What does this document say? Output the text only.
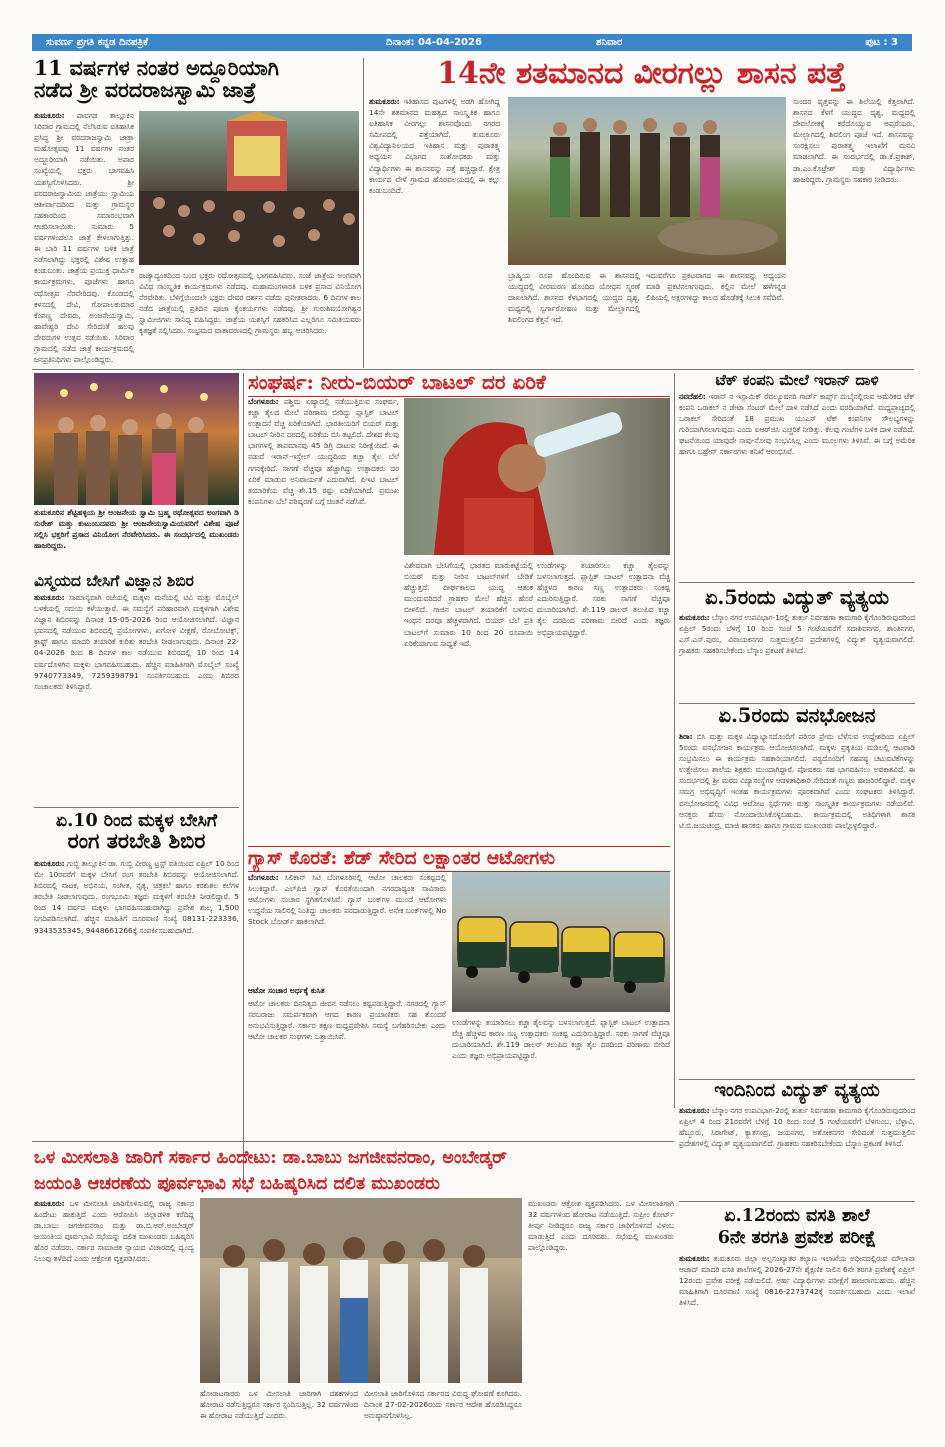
ಸುವರ್ಣ ಪ್ರಗತಿ ಕನ್ನಡ ದಿನಪತ್ರಿಕೆ	ದಿನಾಂಕ: 04-04-2026	ಶನಿವಾರ	ಪುಟ : 3
11 ವರ್ಷಗಳ ನಂತರ ಅದ್ದೂರಿಯಾಗಿ
ನಡೆದ ಶ್ರೀ ವರದರಾಜಸ್ವಾಮಿ ಜಾತ್ರೆ
ತುಮಕೂರು: ಪಾವಗಡ ತಾಲ್ಲೂಕಿನ ಸಿರಿವಾರ ಗ್ರಾಮದಲ್ಲಿ ನೆಲೆಸಿರುವ ಐತಿಹಾಸಿಕ ಪ್ರಸಿದ್ಧ ಶ್ರೀ ವರದರಾಜಸ್ವಾಮಿ ಜಾತ್ರಾ ಮಹೋತ್ಸವವು 11 ವರ್ಷಗಳ ನಂತರ ಅದ್ದೂರಿಯಾಗಿ ನಡೆಯಿತು. ಅಪಾರ ಸಂಖ್ಯೆಯಲ್ಲಿ ಭಕ್ತರು ಭಾಗವಹಿಸಿ ಯಶಸ್ವಿಗೊಳಿಸಿದರು. ಶ್ರೀ ವರದರಾಜಸ್ವಾಮಿಯ ಜಾತ್ರೆಯು ಸ್ವಾಮಿಯ ಆಶೀರ್ವಾದದಿಂದ ಮತ್ತು ಗ್ರಾಮಸ್ಥರ ಸಹಕಾರದಿಂದ ಸಮಾರಂಭವಾಗಿ ಆಚರಿಸಲಾಯಿತು. ಸುಮಾರು 5 ವರ್ಷಗಳಿಂದಲೂ ಜಾತ್ರೆ ಕೇಳಲಾಗುತ್ತಿತ್ತು. ಈ ಬಾರಿ 11 ವರ್ಷಗಳ ಬಳಿಕ ಜಾತ್ರೆ ನಡೆಸಲಾಗಿದ್ದು ಭಕ್ತರಲ್ಲಿ ವಿಶೇಷ ಉತ್ಸಾಹ ಕಂಡುಬಂತು. ಜಾತ್ರೆಯ ಪ್ರಯುಕ್ತ ಧಾರ್ಮಿಕ ಕಾರ್ಯಕ್ರಮಗಳು, ಪೂಜೆಗಳು ಹಾಗೂ ರಥೋತ್ಸವ ನೆರವೇರಿದವು. ಕೊಂಡದಲ್ಲಿ ಕಳಸದಲ್ಲಿ ದೇವಿ, ಗೋಪಾಲಕುಮಾರ ಕೆಂಪಣ್ಣ ದೇವರು, ಅಂಜನೇಯಸ್ವಾಮಿ, ಹಾವೇಶ್ವರಿ ದೇವಿ ಸೇರಿದಂತೆ ಹಲವು ದೇವರುಗಳ ಉತ್ಸವ ನಡೆಯಿತು. ಸಿರಿವಾರ ಗ್ರಾಮದಲ್ಲಿ ನಡೆದ ಜಾತ್ರೆ ಕಾರ್ಯಕ್ರಮದಲ್ಲಿ ಜನಪ್ರತಿನಿಧಿಗಳು ಪಾಲ್ಗೊಂಡಿದ್ದರು.
ರಾಜ್ಯಾದ್ಯಂತದಿಂದ ಬಂದ ಭಕ್ತರು ರಥೋತ್ಸವದಲ್ಲಿ ಭಾಗವಹಿಸಿದರು. ಸಂಜೆ ಜಾತ್ರೆಯ ಅಂಗವಾಗಿ ವಿವಿಧ ಸಾಂಸ್ಕೃತಿಕ ಕಾರ್ಯಕ್ರಮಗಳು ನಡೆದವು. ಮಹಾಮಂಗಳಾರತಿ ಬಳಿಕ ಪ್ರಸಾದ ವಿನಿಯೋಗ ನೆರವೇರಿತು. ಬೆಳಿಗ್ಗೆಯಿಂದಲೇ ಭಕ್ತರು ದೇವರ ದರ್ಶನ ಪಡೆದು ಪುನೀತರಾದರು. 6 ದಿನಗಳ ಕಾಲ ನಡೆದ ಜಾತ್ರೆಯಲ್ಲಿ ಪ್ರತಿದಿನ ಪೂಜಾ ಕೈಂಕರ್ಯಗಳು ನಡೆದವು. ಶ್ರೀ ಗುರುಶಿವಯೋಗಿಶ್ವರ ಸ್ವಾಮೀಜಿಗಳು ಸಾನಿಧ್ಯ ವಹಿಸಿದ್ದರು. ಜಾತ್ರೆಯ ಯಶಸ್ಸಿಗೆ ಸಹಕರಿಸಿದ ಎಲ್ಲರಿಗೂ ಸಮಿತಿಯವರು ಕೃತಜ್ಞತೆ ಸಲ್ಲಿಸಿದರು. ಸಂಭ್ರಮದ ವಾತಾವರಣದಲ್ಲಿ ಗ್ರಾಮಸ್ಥರು ಹಬ್ಬ ಆಚರಿಸಿದರು.
14ನೇ ಶತಮಾನದ ವೀರಗಲ್ಲು ಶಾಸನ ಪತ್ತೆ
ತುಮಕೂರು: ಇತಿಹಾಸದ ಪುಟಗಳಲ್ಲಿ ಅಡಗಿ ಹೋಗಿದ್ದ 14ನೇ ಶತಮಾನದ ಮಹತ್ವದ ಸಾಂಸ್ಕೃತಿಕ ಹಾಗೂ ಐತಿಹಾಸಿಕ ವೀರಗಲ್ಲು ಶಾಸನವೊಂದು ನಗರದ ಸಮೀಪದಲ್ಲಿ ಪತ್ತೆಯಾಗಿದೆ. ತುಮಕೂರು ವಿಶ್ವವಿದ್ಯಾನಿಲಯದ ಇತಿಹಾಸ ಮತ್ತು ಪುರಾತತ್ತ್ವ ಅಧ್ಯಯನ ವಿಭಾಗದ ಸಂಶೋಧಕರು ಮತ್ತು ವಿದ್ಯಾರ್ಥಿಗಳು ಈ ಶಾಸನವನ್ನು ಪತ್ತೆ ಹಚ್ಚಿದ್ದಾರೆ. ಕ್ಷೇತ್ರ ಕಾರ್ಯದ ವೇಳೆ ಗ್ರಾಮದ ಹೊರವಲಯದಲ್ಲಿ ಈ ಕಲ್ಲು ಕಂಡುಬಂದಿದೆ.
ಬ್ರಾಹ್ಮಿಯ ರೂಪ ಹೊಂದಿರುವ ಈ ಶಾಸನದಲ್ಲಿ ಯುದ್ಧದಲ್ಲಿ ವೀರಮರಣ ಹೊಂದಿದ ಯೋಧನ ಸ್ಮರಣೆ ದಾಖಲಾಗಿದೆ. ಶಾಸನದ ಕೆಳಭಾಗದಲ್ಲಿ ಯುದ್ಧದ ದೃಶ್ಯ, ಮಧ್ಯದಲ್ಲಿ ಸ್ವರ್ಗಾರೋಹಣ ಮತ್ತು ಮೇಲ್ಭಾಗದಲ್ಲಿ ಶಿವಲಿಂಗದ ಕೆತ್ತನೆ ಇದೆ.
ಇದುವರೆಗೂ ಪ್ರಕಟವಾಗದ ಈ ಶಾಸನವನ್ನು ಅಧ್ಯಯನ ಮಾಡಿ ಪ್ರಕಟಿಸಲಾಗುವುದು. ಕಲ್ಲಿನ ಮೇಲೆ ಹಳೆಗನ್ನಡ ಲಿಪಿಯಲ್ಲಿ ಅಕ್ಷರಗಳಿದ್ದು ಕಾಲದ ಹೊಡೆತಕ್ಕೆ ಸಿಲುಕಿ ಸವೆದಿವೆ.
ಸುಂದರ ವೃತ್ತವನ್ನು ಈ ಶಿಲೆಯಲ್ಲಿ ಕೆತ್ತಲಾಗಿದೆ. ಶಾಸನದ ಕೆಳಗೆ ಯುದ್ಧದ ದೃಶ್ಯ, ಮಧ್ಯದಲ್ಲಿ ದೇವಲೋಕಕ್ಕೆ ಕರೆದೊಯ್ಯುವ ಅಪ್ಸರೆಯರು, ಮೇಲ್ಭಾಗದಲ್ಲಿ ಶಿವಲಿಂಗ ಪೂಜೆ ಇದೆ. ಶಾಸನವನ್ನು ಸಂರಕ್ಷಿಸಲು ಪುರಾತತ್ತ್ವ ಇಲಾಖೆಗೆ ಮನವಿ ಮಾಡಲಾಗಿದೆ. ಈ ಸಂದರ್ಭದಲ್ಲಿ ಡಾ.ಕೆ.ಪ್ರಕಾಶ್, ಡಾ.ಎಂ.ಕೊಟ್ರೇಶ್ ಮತ್ತು ವಿದ್ಯಾರ್ಥಿಗಳು ಹಾಜರಿದ್ದರು. ಗ್ರಾಮಸ್ಥರು ಸಹಕಾರ ನೀಡಿದರು.
ತುಮಕೂರಿನ ಶೆಟ್ಟಿಹಳ್ಳಿಯ ಶ್ರೀ ಆಂಜನೇಯ ಸ್ವಾಮಿ ಬ್ರಹ್ಮ ರಥೋತ್ಸವದ ಅಂಗವಾಗಿ ಡಿ ಸುರೇಶ್ ಮತ್ತು ಕುಟುಂಬದವರು ಶ್ರೀ ಆಂಜನೇಯಸ್ವಾಮಿಯವರಿಗೆ ವಿಶೇಷ ಪೂಜೆ ಸಲ್ಲಿಸಿ ಭಕ್ತರಿಗೆ ಪ್ರಸಾದ ವಿನಿಯೋಗ ನೆರವೇರಿಸಿದರು. ಈ ಸಂದರ್ಭದಲ್ಲಿ ಮುಖಂಡರು ಹಾಜರಿದ್ದರು.
ವಿಸ್ಮಯದ ಬೇಸಿಗೆ ವಿಜ್ಞಾನ ಶಿಬಿರ
ತುಮಕೂರು: ಸಾಮಾನ್ಯವಾಗಿ ರಜೆಯಲ್ಲಿ ಮಕ್ಕಳು ಮನೆಯಲ್ಲಿ ಟಿವಿ ಮತ್ತು ಮೊಬೈಲ್ ಬಳಕೆಯಲ್ಲಿ ಸಮಯ ಕಳೆಯುತ್ತಾರೆ. ಈ ಸಮಸ್ಯೆಗೆ ಪರಿಹಾರವಾಗಿ ಮಕ್ಕಳಿಗಾಗಿ ವಿಶೇಷ ವಿಜ್ಞಾನ ಶಿಬಿರವನ್ನು ದಿನಾಂಕ 15-05-2026 ರಿಂದ ಆಯೋಜಿಸಲಾಗಿದೆ. ವಿಜ್ಞಾನ ಭವನದಲ್ಲಿ ನಡೆಯುವ ಶಿಬಿರದಲ್ಲಿ ಪ್ರಯೋಗಗಳು, ಖಗೋಳ ವೀಕ್ಷಣೆ, ರೋಬೋಟಿಕ್ಸ್, ಕ್ರಾಫ್ಟ್ ಹಾಗೂ ಮಾದರಿ ತಯಾರಿಕೆ ಕುರಿತು ತರಬೇತಿ ನೀಡಲಾಗುವುದು. ದಿನಾಂಕ 22-04-2026 ರಿಂದ 8 ದಿನಗಳ ಕಾಲ ನಡೆಯುವ ಶಿಬಿರದಲ್ಲಿ 10 ರಿಂದ 14 ವರ್ಷದೊಳಗಿನ ಮಕ್ಕಳು ಭಾಗವಹಿಸಬಹುದು. ಹೆಚ್ಚಿನ ಮಾಹಿತಿಗಾಗಿ ಮೊಬೈಲ್ ಸಂಖ್ಯೆ 9740773349, 7259398791 ಸಂಪರ್ಕಿಸಬಹುದು ಎಂದು ಶಿಬಿರದ ಸಂಚಾಲಕರು ತಿಳಿಸಿದ್ದಾರೆ.
ಏ.10 ರಿಂದ ಮಕ್ಕಳ ಬೇಸಿಗೆ
ರಂಗ ತರಬೇತಿ ಶಿಬಿರ
ತುಮಕೂರು: ಗುಬ್ಬಿ ತಾಲ್ಲೂಕಿನ ಡಾ. ಗುಬ್ಬಿ ವೀರಣ್ಣ ಟ್ರಸ್ಟ್ ವತಿಯಿಂದ ಏಪ್ರಿಲ್ 10 ರಿಂದ ಮೇ 10ರವರೆಗೆ ಮಕ್ಕಳ ಬೇಸಿಗೆ ರಂಗ ತರಬೇತಿ ಶಿಬಿರವನ್ನು ಆಯೋಜಿಸಲಾಗಿದೆ. ಶಿಬಿರದಲ್ಲಿ ನಾಟಕ, ಅಭಿನಯ, ಸಂಗೀತ, ನೃತ್ಯ, ಚಿತ್ರಕಲೆ ಹಾಗೂ ಕರಕುಶಲ ಕಲೆಗಳ ತರಬೇತಿ ನೀಡಲಾಗುವುದು. ರಂಗಭೂಮಿ ತಜ್ಞರು ಮಕ್ಕಳಿಗೆ ತರಬೇತಿ ನೀಡಲಿದ್ದಾರೆ. 5 ರಿಂದ 14 ವರ್ಷದ ಮಕ್ಕಳು ಭಾಗವಹಿಸಬಹುದಾಗಿದ್ದು ಪ್ರವೇಶ ಶುಲ್ಕ 1,500 ನಿಗದಿಪಡಿಸಲಾಗಿದೆ. ಹೆಚ್ಚಿನ ಮಾಹಿತಿಗೆ ದೂರವಾಣಿ ಸಂಖ್ಯೆ 08131-223336, 9343535345, 9448661266ಕ್ಕೆ ಸಂಪರ್ಕಿಸಬಹುದಾಗಿದೆ.
ಸಂಘರ್ಷ: ನೀರು-ಬಿಯರ್ ಬಾಟಲ್ ದರ ಏರಿಕೆ
ಬೆಂಗಳೂರು: ಪಶ್ಚಿಮ ಏಷ್ಯಾದಲ್ಲಿ ನಡೆಯುತ್ತಿರುವ ಸಂಘರ್ಷ, ಕಚ್ಚಾ ತೈಲದ ಮೇಲೆ ಪರಿಣಾಮ ಬೀರಿದ್ದು ಪ್ಲಾಸ್ಟಿಕ್ ಬಾಟಲ್ ಉತ್ಪಾದನೆ ವೆಚ್ಚ ಏರಿಕೆಯಾಗಿದೆ. ಭಾರತೀಯರಿಗೆ ಬಿಯರ್ ಮತ್ತು ಬಾಟಲ್ ನೀರಿನ ದರದಲ್ಲಿ ಏರಿಕೆಯ ಬಿಸಿ ತಟ್ಟಲಿದೆ. ದೇಶದ ಕೆಲವು ಭಾಗಗಳಲ್ಲಿ ತಾಪಮಾನವು 45 ಡಿಗ್ರಿ ದಾಟುವ ನಿರೀಕ್ಷೆಯಿದೆ. ಈ ನಡುವೆ ಇರಾನ್-ಇಸ್ರೇಲ್ ಯುದ್ಧದಿಂದ ಕಚ್ಚಾ ತೈಲ ಬೆಲೆ ಗಗನಕ್ಕೇರಿದೆ. ಸಾಗಣೆ ವೆಚ್ಚವೂ ಹೆಚ್ಚಾಗಿದ್ದು ಉತ್ಪಾದಕರು ದರ ಏರಿಕೆ ಮಾಡುವ ಅನಿವಾರ್ಯತೆ ಎದುರಾಗಿದೆ. ಪಿಇಟಿ ಬಾಟಲ್ ತಯಾರಿಕೆಯ ವೆಚ್ಚ ಶೇ.15 ರಷ್ಟು ಏರಿಕೆಯಾಗಿದೆ. ಪ್ರಮುಖ ಕಂಪನಿಗಳು ಬೆಲೆ ಪರಿಷ್ಕರಣೆ ಬಗ್ಗೆ ಚಿಂತನೆ ನಡೆಸಿವೆ.
ವಿಶೇಷವಾಗಿ ಬೇಸಿಗೆಯಲ್ಲಿ ಭಾರತದ ಮಾರುಕಟ್ಟೆಯಲ್ಲಿ ಬಿಯರ್ ಮತ್ತು ನೀರಿನ ಬಾಟಲ್‌ಗಳಿಗೆ ಬೇಡಿಕೆ ಹೆಚ್ಚುತ್ತದೆ. ದೀರ್ಘಕಾಲದ ಯುದ್ಧ ಆತಂಕ ಮುಂದುವರಿದರೆ ಗ್ರಾಹಕರ ಮೇಲೆ ಹೆಚ್ಚಿನ ಹೊರೆ ಬೀಳಲಿದೆ. ಗಾಜಿನ ಬಾಟಲ್ ತಯಾರಿಕೆಗೆ ಬಳಸುವ ಇಂಧನ ದರವೂ ಹೆಚ್ಚಳವಾಗಿದೆ. ಬಿಯರ್ ಬೆಲೆ ಪ್ರತಿ ಬಾಟಲ್‌ಗೆ ಸುಮಾರು 10 ರಿಂದ 20 ರೂಪಾಯಿ ಏರಿಕೆಯಾಗುವ ಸಾಧ್ಯತೆ ಇದೆ.
ಉಂಡೆಗಳನ್ನು ತಯಾರಿಸಲು ಕಚ್ಚಾ ತೈಲವನ್ನು ಬಳಸಲಾಗುತ್ತದೆ. ಪ್ಲಾಸ್ಟಿಕ್ ಬಾಟಲ್ ಉತ್ಪಾದನಾ ವೆಚ್ಚ ಹೆಚ್ಚಳದ ಕಾರಣ ಸಣ್ಣ ಉತ್ಪಾದಕರು ಸಂಕಷ್ಟ ಎದುರಿಸುತ್ತಿದ್ದಾರೆ. ಸರಕು ಸಾಗಣೆ ವೆಚ್ಚವೂ ದುಬಾರಿಯಾಗಿದೆ. ಶೇ.119 ಡಾಲರ್ ತಲುಪಿದ ಕಚ್ಚಾ ತೈಲ ದರದಿಂದ ಪರಿಣಾಮ ಬೀರಿದೆ ಎಂದು ತಜ್ಞರು ಅಭಿಪ್ರಾಯಪಟ್ಟಿದ್ದಾರೆ.
ಗ್ಯಾಸ್ ಕೊರತೆ: ಶೆಡ್ ಸೇರಿದ ಲಕ್ಷಾಂತರ ಆಟೋಗಳು
ಬೆಂಗಳೂರು: ಸಿಲಿಕಾನ್ ಸಿಟಿ ಬೆಂಗಳೂರಿನಲ್ಲಿ ಆಟೋ ಚಾಲಕರು ಸಂಕಷ್ಟದಲ್ಲಿ ಸಿಲುಕಿದ್ದಾರೆ. ಎಲ್‌ಪಿಜಿ ಗ್ಯಾಸ್ ಕೊರತೆಯಿಂದಾಗಿ ನಗರದಾದ್ಯಂತ ಸಾವಿರಾರು ಆಟೋಗಳು ಸಂಚಾರ ಸ್ಥಗಿತಗೊಳಿಸಿವೆ. ಗ್ಯಾಸ್ ಬಂಕ್‌ಗಳ ಮುಂದೆ ಆಟೋಗಳು ಉದ್ದನೆಯ ಸಾಲಿನಲ್ಲಿ ನಿಂತಿದ್ದು ಚಾಲಕರು ಪರದಾಡುತ್ತಿದ್ದಾರೆ. ಅನೇಕ ಬಂಕ್‌ಗಳಲ್ಲಿ No Stock ಬೋರ್ಡ್ ಹಾಕಲಾಗಿದೆ.
ಆಟೋ ಸಂಚಾರ ಅರ್ಧಕ್ಕೆ ಕುಸಿತ
ಆಟೋ ಚಾಲಕರು ದಿನನಿತ್ಯದ ಜೀವನ ನಡೆಸಲು ಕಷ್ಟಪಡುತ್ತಿದ್ದಾರೆ. ನಗರದಲ್ಲಿ ಗ್ಯಾಸ್ ಸರಬರಾಜು ಸಮರ್ಪಕವಾಗಿ ಆಗದ ಕಾರಣ ಪ್ರಯಾಣಿಕರು ಸಹ ತೊಂದರೆ ಅನುಭವಿಸುತ್ತಿದ್ದಾರೆ. ಸರ್ಕಾರ ತಕ್ಷಣ ಮಧ್ಯಪ್ರವೇಶಿಸಿ ಸಮಸ್ಯೆ ಬಗೆಹರಿಸಬೇಕು ಎಂದು ಆಟೋ ಚಾಲಕರ ಸಂಘಗಳು ಒತ್ತಾಯಿಸಿವೆ.
ಉಂಡೆಗಳನ್ನು ತಯಾರಿಸಲು ಕಚ್ಚಾ ತೈಲವನ್ನು ಬಳಸಲಾಗುತ್ತದೆ. ಪ್ಲಾಸ್ಟಿಕ್ ಬಾಟಲ್ ಉತ್ಪಾದನಾ ವೆಚ್ಚ ಹೆಚ್ಚಳದ ಕಾರಣ ಸಣ್ಣ ಉತ್ಪಾದಕರು ಸಂಕಷ್ಟ ಎದುರಿಸುತ್ತಿದ್ದಾರೆ. ಸರಕು ಸಾಗಣೆ ವೆಚ್ಚವೂ ದುಬಾರಿಯಾಗಿದೆ. ಶೇ.119 ಡಾಲರ್ ತಲುಪಿದ ಕಚ್ಚಾ ತೈಲ ದರದಿಂದ ಪರಿಣಾಮ ಬೀರಿದೆ ಎಂದು ತಜ್ಞರು ಅಭಿಪ್ರಾಯಪಟ್ಟಿದ್ದಾರೆ.
ಟೆಕ್ ಕಂಪನಿ ಮೇಲೆ ಇರಾನ್ ದಾಳಿ
ನವದೆಹಲಿ: ಇರಾನ್ ನ ಇಸ್ಲಾಮಿಕ್ ರೆವಲ್ಯೂಷನರಿ ಗಾರ್ಡ್ ಕಾರ್ಪ್ಸ್ ದುಬೈನಲ್ಲಿರುವ ಅಮೆರಿಕದ ಟೆಕ್ ಕಂಪನಿ ಒರಾಕಲ್ ನ ಡೇಟಾ ಸೆಂಟರ್ ಮೇಲೆ ದಾಳಿ ನಡೆಸಿದೆ ಎಂದು ವರದಿಯಾಗಿದೆ. ಮಧ್ಯಪ್ರಾಚ್ಯದಲ್ಲಿ ಒರಾಕಲ್ ಸೇರಿದಂತೆ 18 ಪ್ರಮುಖ ಯುಎಸ್ ಟೆಕ್ ಕಂಪನಿಗಳ ಸೌಲಭ್ಯಗಳನ್ನು ಗುರಿಯಾಗಿಸಲಾಗುವುದು ಎಂದು ಐಆರ್‌ಜಿಸಿ ಎಚ್ಚರಿಕೆ ನೀಡಿತ್ತು. ಕೆಲವು ಗಂಟೆಗಳ ಬಳಿಕ ದಾಳಿ ನಡೆದಿದೆ. ಘಟನೆಯಿಂದ ಯಾವುದೇ ಸಾವು-ನೋವು ಸಂಭವಿಸಿಲ್ಲ ಎಂದು ಮೂಲಗಳು ತಿಳಿಸಿವೆ. ಈ ಬಗ್ಗೆ ಅಮೆರಿಕ ಹಾಗೂ ಬಹ್ರೇನ್ ಸರ್ಕಾರಗಳು ತನಿಖೆ ಆರಂಭಿಸಿವೆ.
ಏ.5ರಂದು ವಿದ್ಯುತ್ ವ್ಯತ್ಯಯ
ತುಮಕೂರು: ಬೆಸ್ಕಾಂ ನಗರ ಉಪವಿಭಾಗ-1ರಲ್ಲಿ ತುರ್ತು ನಿರ್ವಹಣಾ ಕಾಮಗಾರಿ ಕೈಗೊಂಡಿರುವುದರಿಂದ ಏಪ್ರಿಲ್ 5ರಂದು ಬೆಳಿಗ್ಗೆ 10 ರಿಂದ ಸಂಜೆ 5 ಗಂಟೆಯವರೆಗೆ ಸದಾಶಿವನಗರ, ಶಾಂತಿನಗರ, ಎಸ್.ಎಸ್.ಪುರಂ, ವಿನಾಯಕನಗರ ಸುತ್ತಮುತ್ತಲಿನ ಪ್ರದೇಶಗಳಲ್ಲಿ ವಿದ್ಯುತ್ ವ್ಯತ್ಯಯವಾಗಲಿದೆ. ಗ್ರಾಹಕರು ಸಹಕರಿಸಬೇಕೆಂದು ಬೆಸ್ಕಾಂ ಪ್ರಕಟಣೆ ತಿಳಿಸಿದೆ.
ಏ.5ರಂದು ವನಭೋಜನ
ಶಿರಾ: ಬಿಸಿ ಮತ್ತು ಮಕ್ಕಳ ವಿದ್ಯಾಭ್ಯಾಸದೊಂದಿಗೆ ಪರಿಸರ ಪ್ರೇಮ ಬೆಳೆಸುವ ಉದ್ದೇಶದಿಂದ ಏಪ್ರಿಲ್ 5ರಂದು ವನಭೋಜನ ಕಾರ್ಯಕ್ರಮ ಆಯೋಜಿಸಲಾಗಿದೆ. ಮಕ್ಕಳು ಪ್ರಕೃತಿಯ ಮಡಿಲಲ್ಲಿ ಆಟವಾಡಿ ಸಂಭ್ರಮಿಸಲು ಈ ಕಾರ್ಯಕ್ರಮ ಸಹಕಾರಿಯಾಗಲಿದೆ. ಪಠ್ಯದೊಂದಿಗೆ ಸಹಪಠ್ಯ ಚಟುವಟಿಕೆಗಳನ್ನು ಉತ್ತೇಜಿಸಲು ಶಾಲೆಯ ಶಿಕ್ಷಕರು ಮುಂದಾಗಿದ್ದಾರೆ. ಪೋಷಕರು ಸಹ ಭಾಗವಹಿಸಲು ಅವಕಾಶವಿದೆ. ಈ ಸಂದರ್ಭದಲ್ಲಿ ಶ್ರೀ ಮಠದ ವಿದ್ಯಾಸಂಸ್ಥೆಗಳ ಆಡಳಿತಾಧಿಕಾರಿ ಸೇರಿದಂತೆ ಗಣ್ಯರು ಹಾಜರಿರಲಿದ್ದಾರೆ. ಮಕ್ಕಳ ಸಮಗ್ರ ಅಭಿವೃದ್ಧಿಗೆ ಇಂತಹ ಕಾರ್ಯಕ್ರಮಗಳು ಪೂರಕವಾಗಿವೆ ಎಂದು ಸಂಘಟಕರು ತಿಳಿಸಿದ್ದಾರೆ. ವನಭೋಜನದಲ್ಲಿ ವಿವಿಧ ಆಟೋಟ ಸ್ಪರ್ಧೆಗಳು ಮತ್ತು ಸಾಂಸ್ಕೃತಿಕ ಕಾರ್ಯಕ್ರಮಗಳು ನಡೆಯಲಿವೆ. ಆಸಕ್ತರು ಹೆಸರು ನೋಂದಾಯಿಸಿಕೊಳ್ಳಬಹುದು. ಕಾರ್ಯಕ್ರಮದಲ್ಲಿ ಅತಿಥಿಗಳಾಗಿ ಶಾಸಕ ಟಿ.ಬಿ.ಜಯಚಂದ್ರ, ಮಾಜಿ ಶಾಸಕರು ಹಾಗೂ ಗ್ರಾಮದ ಮುಖಂಡರು ಪಾಲ್ಗೊಳ್ಳಲಿದ್ದಾರೆ.
ಇಂದಿನಿಂದ ವಿದ್ಯುತ್ ವ್ಯತ್ಯಯ
ತುಮಕೂರು: ಬೆಸ್ಕಾಂ ನಗರ ಉಪವಿಭಾಗ-2ರಲ್ಲಿ ತುರ್ತು ನಿರ್ವಹಣಾ ಕಾಮಗಾರಿ ಕೈಗೊಂಡಿರುವುದರಿಂದ ಏಪ್ರಿಲ್ 4 ರಿಂದ 21ರವರೆಗೆ ಬೆಳಿಗ್ಗೆ 10 ರಿಂದ ಸಂಜೆ 5 ಗಂಟೆಯವರೆಗೆ ಬೆಳಗುಂಬ, ಬೆಳ್ಳಾವಿ, ಹೆಬ್ಬೂರು, ಸಿರಾಗೇಟ್, ಕ್ಯಾತಸಂದ್ರ, ಜಯನಗರ, ಅಶೋಕನಗರ ಸೇರಿದಂತೆ ಸುತ್ತಮುತ್ತಲಿನ ಪ್ರದೇಶಗಳಲ್ಲಿ ವಿದ್ಯುತ್ ವ್ಯತ್ಯಯವಾಗಲಿದೆ. ಗ್ರಾಹಕರು ಸಹಕರಿಸಬೇಕೆಂದು ಬೆಸ್ಕಾಂ ಪ್ರಕಟಣೆ ತಿಳಿಸಿದೆ.
ಒಳ ಮೀಸಲಾತಿ ಜಾರಿಗೆ ಸರ್ಕಾರ ಹಿಂದೇಟು: ಡಾ.ಬಾಬು ಜಗಜೀವನರಾಂ, ಅಂಬೇಡ್ಕರ್
ಜಯಂತಿ ಆಚರಣೆಯ ಪೂರ್ವಭಾವಿ ಸಭೆ ಬಹಿಷ್ಕರಿಸಿದ ದಲಿತ ಮುಖಂಡರು
ತುಮಕೂರು: ಒಳ ಮೀಸಲಾತಿ ಜಾರಿಗೊಳಿಸುವಲ್ಲಿ ರಾಜ್ಯ ಸರ್ಕಾರ ಹಿಂದೇಟು ಹಾಕುತ್ತಿದೆ ಎಂದು ಆರೋಪಿಸಿ ಜಿಲ್ಲಾಡಳಿತ ಕರೆದಿದ್ದ ಡಾ.ಬಾಬು ಜಗಜೀವನರಾಂ ಮತ್ತು ಡಾ.ಬಿ.ಆರ್.ಅಂಬೇಡ್ಕರ್ ಜಯಂತಿಯ ಪೂರ್ವಭಾವಿ ಸಭೆಯನ್ನು ದಲಿತ ಮುಖಂಡರು ಬಹಿಷ್ಕರಿಸಿ ಹೊರ ನಡೆದರು. ಸರ್ಕಾರ ಸಾಮಾಜಿಕ ನ್ಯಾಯದ ವಿಚಾರದಲ್ಲಿ ದ್ವಂದ್ವ ನಿಲುವು ತಳೆದಿದೆ ಎಂದು ಆಕ್ರೋಶ ವ್ಯಕ್ತಪಡಿಸಿದರು.
ಹೋರಾಟಗಾರರು ಒಳ ಮೀಸಲಾತಿ ಜಾರಿಗಾಗಿ ದಶಕಗಳಿಂದ ಹೋರಾಟ ನಡೆಸುತ್ತಿದ್ದರೂ ಸರ್ಕಾರ ಸ್ಪಂದಿಸುತ್ತಿಲ್ಲ. 32 ವರ್ಷಗಳಿಂದ ಈ ಹೋರಾಟ ನಡೆಯುತ್ತಿದೆ ಎಂದರು.
ಮೀಸಲಾತಿ ಜಾರಿಗೊಳಿಸದ ಸರ್ಕಾರದ ವಿರುದ್ಧ ಘೋಷಣೆ ಕೂಗಿದರು. ದಿನಾಂಕ 27-02-2026ರಂದು ಸರ್ಕಾರ ಆದೇಶ ಹೊರಡಿಸಿದ್ದರೂ ಅನುಷ್ಠಾನಗೊಳಿಸಿಲ್ಲ.
ಮುಖಂಡರು ಆಕ್ರೋಶ ವ್ಯಕ್ತಪಡಿಸಿದರು. ಒಳ ಮೀಸಲಾತಿಗಾಗಿ 32 ವರ್ಷಗಳಿಂದ ಹೋರಾಟ ನಡೆಯುತ್ತಿದೆ. ಸುಪ್ರೀಂ ಕೋರ್ಟ್ ತೀರ್ಪು ನೀಡಿದ್ದರೂ ರಾಜ್ಯ ಸರ್ಕಾರ ಜಾರಿಗೊಳಿಸದೆ ವಿಳಂಬ ಮಾಡುತ್ತಿದೆ ಎಂದು ದೂರಿದರು. ಸಭೆಯಲ್ಲಿ ಮುಖಂಡರು ಪಾಲ್ಗೊಂಡಿದ್ದರು.
ಏ.12ರಂದು ವಸತಿ ಶಾಲೆ
6ನೇ ತರಗತಿ ಪ್ರವೇಶ ಪರೀಕ್ಷೆ
ತುಮಕೂರು: ತುಮಕೂರು ಜಿಲ್ಲಾ ಅಲ್ಪಸಂಖ್ಯಾತರ ಕಲ್ಯಾಣ ಇಲಾಖೆಯ ಅಧೀನದಲ್ಲಿರುವ ಮೌಲಾನಾ ಆಜಾದ್ ಮಾದರಿ ವಸತಿ ಶಾಲೆಗಳಲ್ಲಿ 2026-27ನೇ ಶೈಕ್ಷಣಿಕ ಸಾಲಿನ 6ನೇ ತರಗತಿ ಪ್ರವೇಶಕ್ಕೆ ಏಪ್ರಿಲ್ 12ರಂದು ಪ್ರವೇಶ ಪರೀಕ್ಷೆ ನಡೆಯಲಿದೆ. ಅರ್ಹ ವಿದ್ಯಾರ್ಥಿಗಳು ಪರೀಕ್ಷೆಗೆ ಹಾಜರಾಗಬಹುದು. ಹೆಚ್ಚಿನ ಮಾಹಿತಿಗಾಗಿ ದೂರವಾಣಿ ಸಂಖ್ಯೆ 0816-2273742ಕ್ಕೆ ಸಂಪರ್ಕಿಸಬಹುದು ಎಂದು ಇಲಾಖೆ ತಿಳಿಸಿದೆ.
